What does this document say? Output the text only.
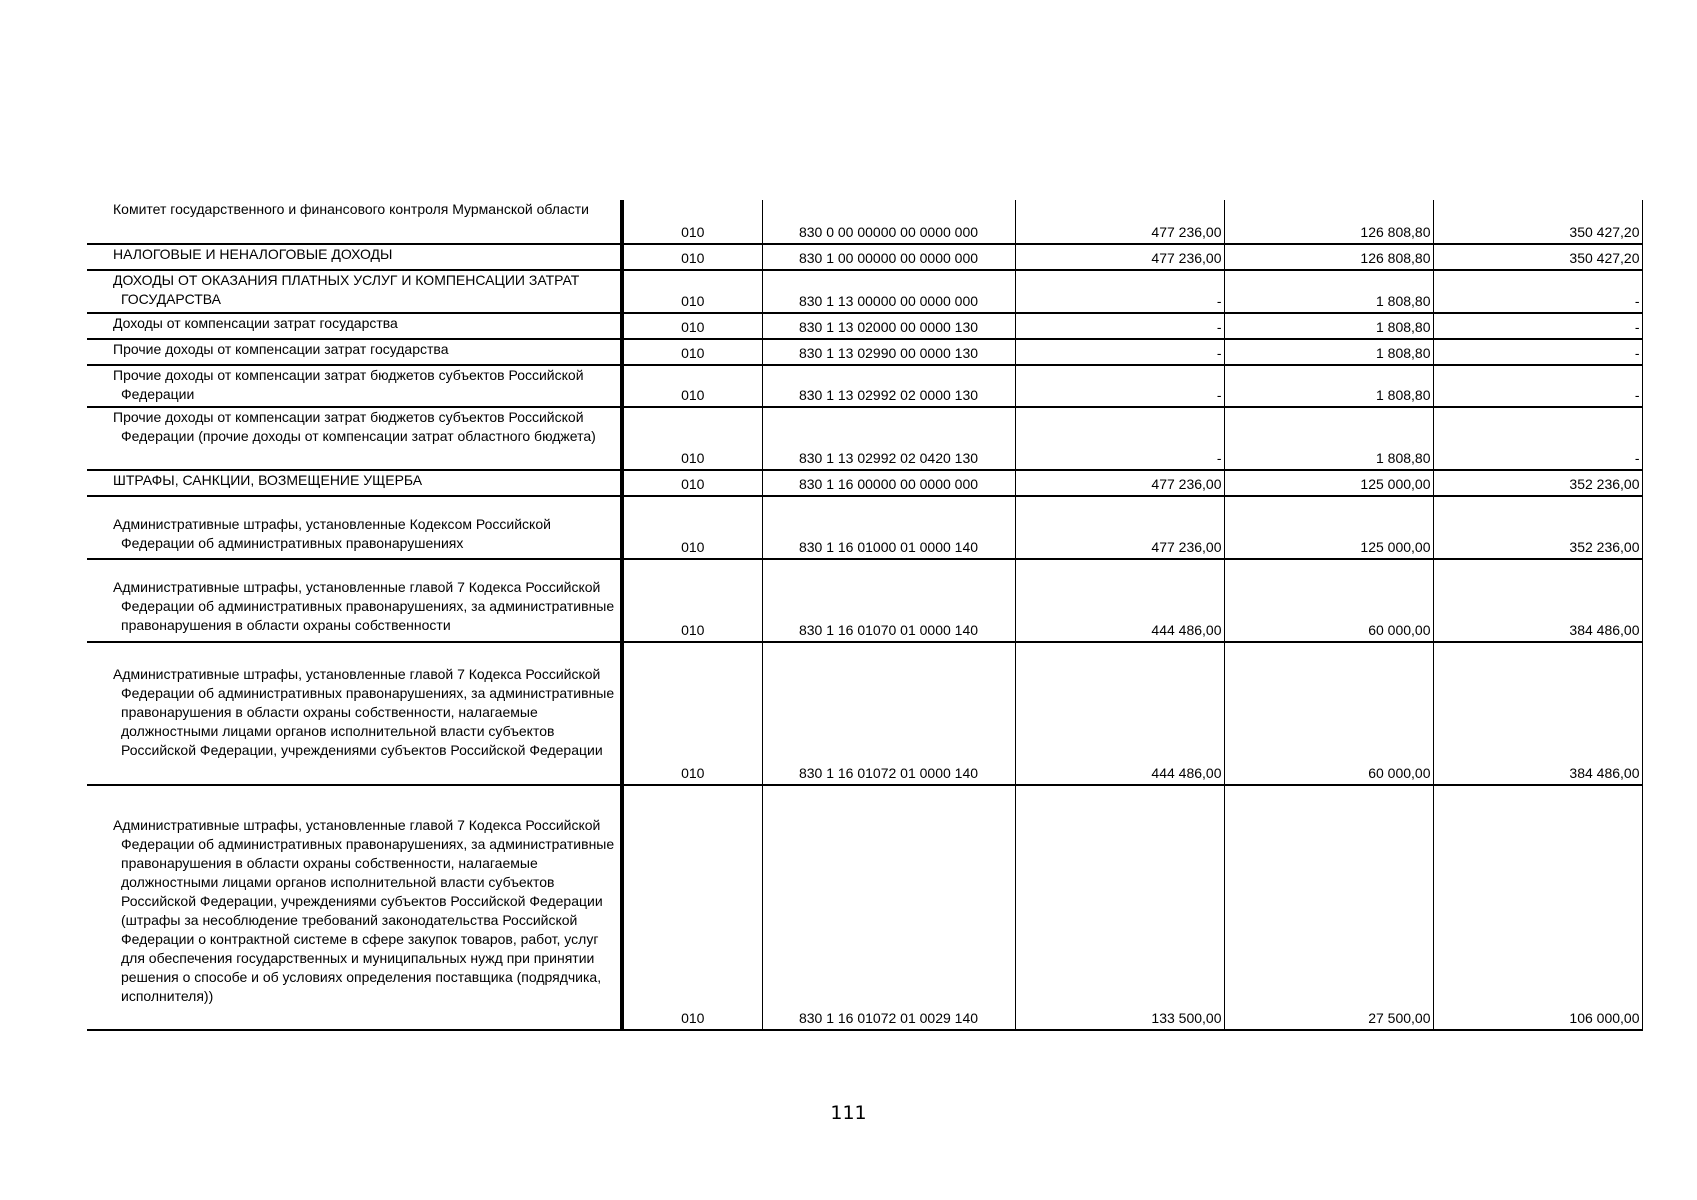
Комитет государственного и финансового контроля Мурманской области	010	830 0 00 00000 00 0000 000	477 236,00	126 808,80	350 427,20
НАЛОГОВЫЕ И НЕНАЛОГОВЫЕ ДОХОДЫ	010	830 1 00 00000 00 0000 000	477 236,00	126 808,80	350 427,20
ДОХОДЫ ОТ ОКАЗАНИЯ ПЛАТНЫХ УСЛУГ И КОМПЕНСАЦИИ ЗАТРАТ ГОСУДАРСТВА	010	830 1 13 00000 00 0000 000	-	1 808,80	-
Доходы от компенсации затрат государства	010	830 1 13 02000 00 0000 130	-	1 808,80	-
Прочие доходы от компенсации затрат государства	010	830 1 13 02990 00 0000 130	-	1 808,80	-
Прочие доходы от компенсации затрат бюджетов субъектов Российской Федерации	010	830 1 13 02992 02 0000 130	-	1 808,80	-
Прочие доходы от компенсации затрат бюджетов субъектов Российской Федерации (прочие доходы от компенсации затрат областного бюджета)	010	830 1 13 02992 02 0420 130	-	1 808,80	-
ШТРАФЫ, САНКЦИИ, ВОЗМЕЩЕНИЕ УЩЕРБА	010	830 1 16 00000 00 0000 000	477 236,00	125 000,00	352 236,00
Административные штрафы, установленные Кодексом Российской Федерации об административных правонарушениях	010	830 1 16 01000 01 0000 140	477 236,00	125 000,00	352 236,00
Административные штрафы, установленные главой 7 Кодекса Российской Федерации об административных правонарушениях, за административные правонарушения в области охраны собственности	010	830 1 16 01070 01 0000 140	444 486,00	60 000,00	384 486,00
Административные штрафы, установленные главой 7 Кодекса Российской Федерации об административных правонарушениях, за административные правонарушения в области охраны собственности, налагаемые должностными лицами органов исполнительной власти субъектов Российской Федерации, учреждениями субъектов Российской Федерации	010	830 1 16 01072 01 0000 140	444 486,00	60 000,00	384 486,00
Административные штрафы, установленные главой 7 Кодекса Российской Федерации об административных правонарушениях, за административные правонарушения в области охраны собственности, налагаемые должностными лицами органов исполнительной власти субъектов Российской Федерации, учреждениями субъектов Российской Федерации (штрафы за несоблюдение требований законодательства Российской Федерации о контрактной системе в сфере закупок товаров, работ, услуг для обеспечения государственных и муниципальных нужд при принятии решения о способе и об условиях определения поставщика (подрядчика, исполнителя))	010	830 1 16 01072 01 0029 140	133 500,00	27 500,00	106 000,00
111
